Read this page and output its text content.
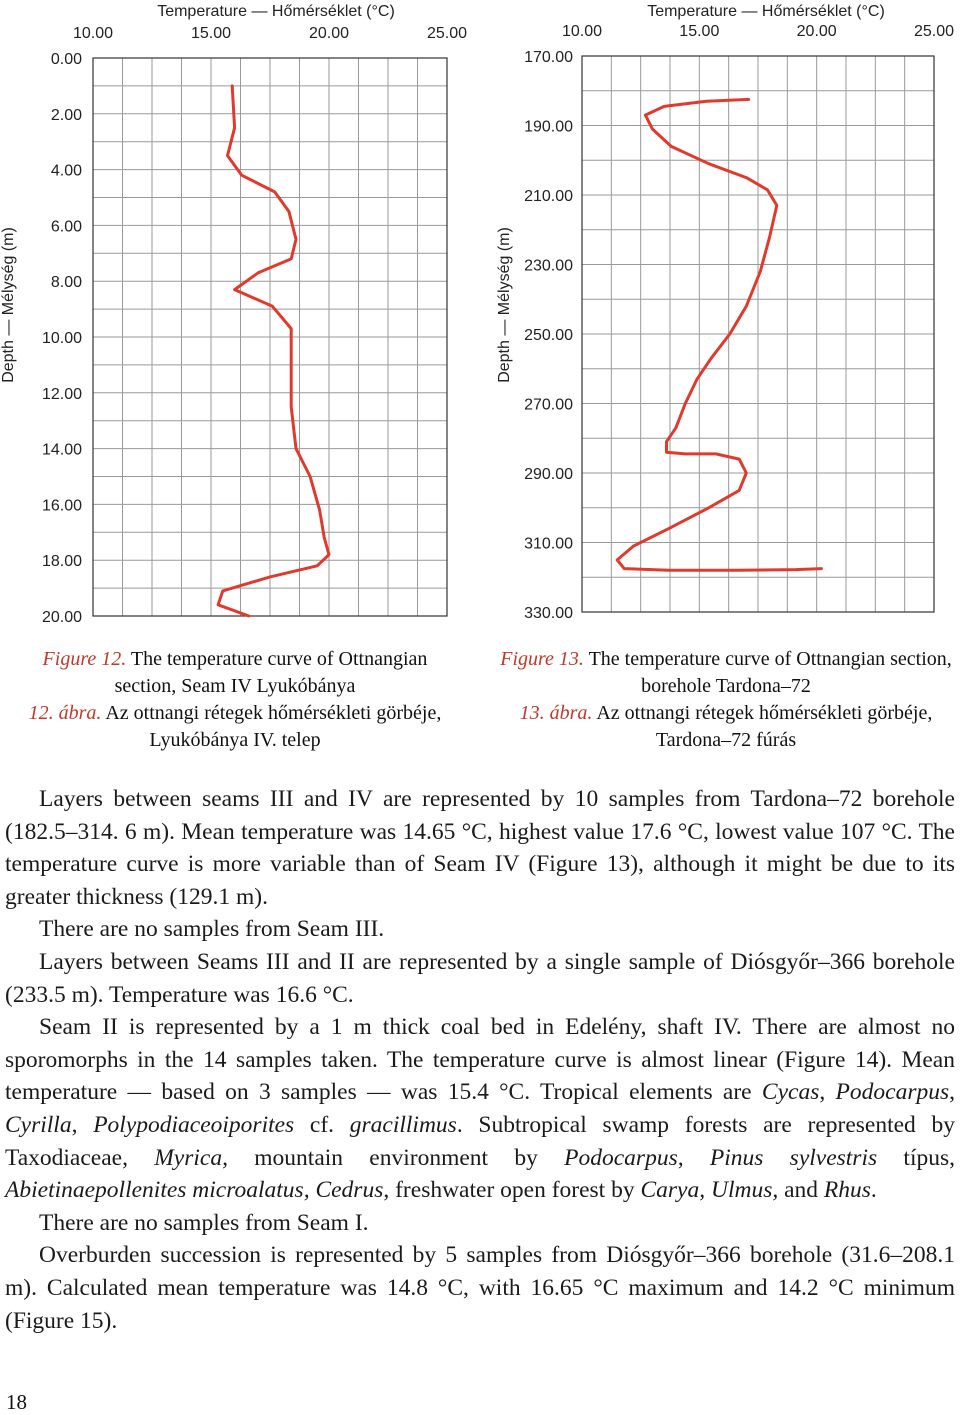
10.00	15.00	20.00	25.00
0.00
2.00
4.00
6.00
8.00
10.00
12.00
14.00
16.00
18.00
20.00
Temperature — Hőmérséklet (°C)
Depth — Mélység (m)
10.00	15.00	20.00	25.00
170.00
190.00
210.00
230.00
250.00
270.00
290.00
310.00
330.00
Temperature — Hőmérséklet (°C)
Depth — Mélység (m)
Figure 12. The temperature curve of Ottnangian section, Seam IV Lyukóbánya
12. ábra. Az ottnangi rétegek hőmérsékleti görbéje, Lyukóbánya IV. telep
Figure 13. The temperature curve of Ottnangian section, borehole Tardona–72
13. ábra. Az ottnangi rétegek hőmérsékleti görbéje, Tardona–72 fúrás

Layers between seams III and IV are represented by 10 samples from Tardona–72 borehole (182.5–314. 6 m). Mean temperature was 14.65 °C, highest value 17.6 °C, lowest value 107 °C. The temperature curve is more variable than of Seam IV (Figure 13), although it might be due to its greater thickness (129.1 m).

There are no samples from Seam III.

Layers between Seams III and II are represented by a single sample of Diósgyőr–366 borehole (233.5 m). Temperature was 16.6 °C.

Seam II is represented by a 1 m thick coal bed in Edelény, shaft IV. There are almost no sporomorphs in the 14 samples taken. The temperature curve is almost linear (Figure 14). Mean temperature — based on 3 samples — was 15.4 °C. Tropical elements are Cycas, Podocarpus, Cyrilla, Polypodiaceoiporites cf. gracillimus. Subtropical swamp forests are represented by Taxodiaceae, Myrica, mountain environment by Podocarpus, Pinus sylvestris típus, Abietinaepollenites microalatus, Cedrus, freshwater open forest by Carya, Ulmus, and Rhus.

There are no samples from Seam I.

Overburden succession is represented by 5 samples from Diósgyőr–366 borehole (31.6–208.1 m). Calculated mean temperature was 14.8 °C, with 16.65 °C maximum and 14.2 °C minimum (Figure 15).

18
